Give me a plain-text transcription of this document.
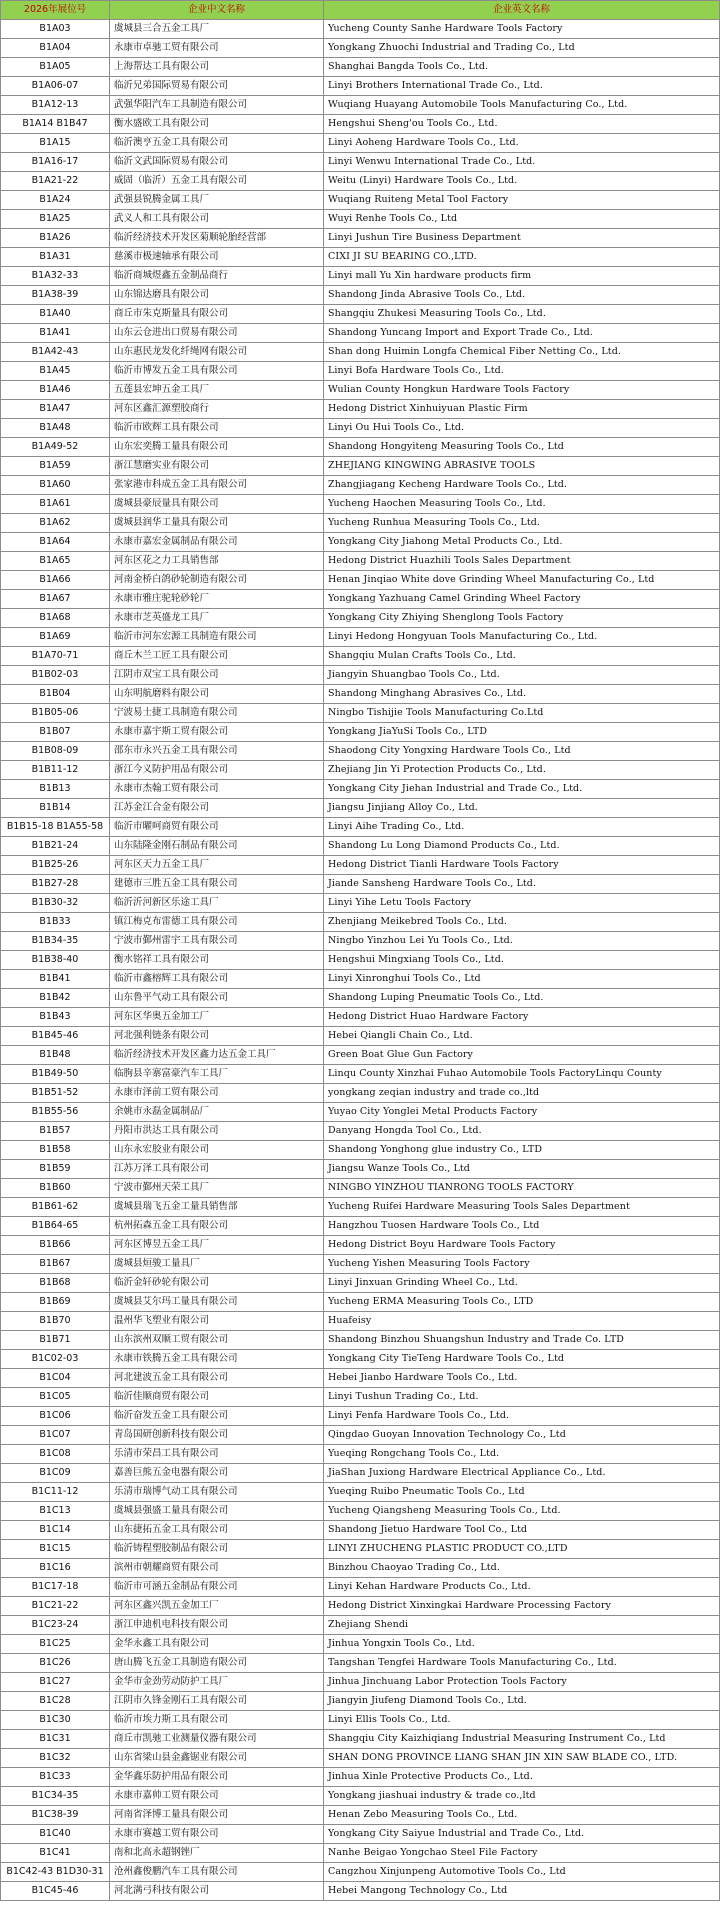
2026年展位号	企业中文名称	企业英文名称
B1A03	虞城县三合五金工具厂	Yucheng County Sanhe Hardware Tools Factory
B1A04	永康市卓驰工贸有限公司	Yongkang Zhuochi Industrial and Trading Co., Ltd
B1A05	上海帮达工具有限公司	Shanghai Bangda Tools Co., Ltd.
B1A06-07	临沂兄弟国际贸易有限公司	Linyi Brothers International Trade Co., Ltd.
B1A12-13	武强华阳汽车工具制造有限公司	Wuqiang Huayang Automobile Tools Manufacturing Co., Ltd.
B1A14 B1B47	衡水盛欧工具有限公司	Hengshui Sheng'ou Tools Co., Ltd.
B1A15	临沂澳亨五金工具有限公司	Linyi Aoheng Hardware Tools Co., Ltd.
B1A16-17	临沂文武国际贸易有限公司	Linyi Wenwu International Trade Co., Ltd.
B1A21-22	威固（临沂）五金工具有限公司	Weitu (Linyi) Hardware Tools Co., Ltd.
B1A24	武强县锐腾金属工具厂	Wuqiang Ruiteng Metal Tool Factory
B1A25	武义人和工具有限公司	Wuyi Renhe Tools Co., Ltd
B1A26	临沂经济技术开发区菊顺轮胎经营部	Linyi Jushun Tire Business Department
B1A31	慈溪市极速轴承有限公司	CIXI JI SU BEARING CO.,LTD.
B1A32-33	临沂商城煜鑫五金制品商行	Linyi mall Yu Xin hardware products firm
B1A38-39	山东锦达磨具有限公司	Shandong Jinda Abrasive Tools Co., Ltd.
B1A40	商丘市朱克斯量具有限公司	Shangqiu Zhukesi Measuring Tools Co., Ltd.
B1A41	山东云仓进出口贸易有限公司	Shandong Yuncang Import and Export Trade Co., Ltd.
B1A42-43	山东惠民龙发化纤绳网有限公司	Shan dong Huimin Longfa Chemical Fiber Netting Co., Ltd.
B1A45	临沂市博发五金工具有限公司	Linyi Bofa Hardware Tools Co., Ltd.
B1A46	五莲县宏坤五金工具厂	Wulian County Hongkun Hardware Tools Factory
B1A47	河东区鑫汇源塑胶商行	Hedong District Xinhuiyuan Plastic Firm
B1A48	临沂市欧辉工具有限公司	Linyi Ou Hui Tools Co., Ltd.
B1A49-52	山东宏奕腾工量具有限公司	Shandong Hongyiteng Measuring Tools Co., Ltd
B1A59	浙江慧磨实业有限公司	ZHEJIANG KINGWING ABRASIVE TOOLS
B1A60	张家港市科成五金工具有限公司	Zhangjiagang Kecheng Hardware Tools Co., Ltd.
B1A61	虞城县豪辰量具有限公司	Yucheng Haochen Measuring Tools Co., Ltd.
B1A62	虞城县润华工量具有限公司	Yucheng Runhua Measuring Tools Co., Ltd.
B1A64	永康市嘉宏金属制品有限公司	Yongkang City Jiahong Metal Products Co., Ltd.
B1A65	河东区花之力工具销售部	Hedong District Huazhili Tools Sales Department
B1A66	河南金桥白鸽砂轮制造有限公司	Henan Jinqiao White dove Grinding Wheel Manufacturing Co., Ltd
B1A67	永康市雅庄驼轮砂轮厂	Yongkang Yazhuang Camel Grinding Wheel Factory
B1A68	永康市芝英盛龙工具厂	Yongkang City Zhiying Shenglong Tools Factory
B1A69	临沂市河东宏源工具制造有限公司	Linyi Hedong Hongyuan Tools Manufacturing Co., Ltd.
B1A70-71	商丘木兰工匠工具有限公司	Shangqiu Mulan Crafts Tools Co., Ltd.
B1B02-03	江阴市双宝工具有限公司	Jiangyin Shuangbao Tools Co., Ltd.
B1B04	山东明航磨料有限公司	Shandong Minghang Abrasives Co., Ltd.
B1B05-06	宁波易士捷工具制造有限公司	Ningbo Tishijie Tools Manufacturing Co.Ltd
B1B07	永康市嘉宇斯工贸有限公司	Yongkang JiaYuSi Tools Co., LTD
B1B08-09	邵东市永兴五金工具有限公司	Shaodong City Yongxing Hardware Tools Co., Ltd
B1B11-12	浙江今义防护用品有限公司	Zhejiang Jin Yi Protection Products Co., Ltd.
B1B13	永康市杰翰工贸有限公司	Yongkang City Jiehan Industrial and Trade Co., Ltd.
B1B14	江苏金江合金有限公司	Jiangsu Jinjiang Alloy Co., Ltd.
B1B15-18 B1A55-58	临沂市曜呵商贸有限公司	Linyi Aihe Trading Co., Ltd.
B1B21-24	山东陆隆金刚石制品有限公司	Shandong Lu Long Diamond Products Co., Ltd.
B1B25-26	河东区天力五金工具厂	Hedong District Tianli Hardware Tools Factory
B1B27-28	建德市三胜五金工具有限公司	Jiande Sansheng Hardware Tools Co., Ltd.
B1B30-32	临沂沂河新区乐途工具厂	Linyi Yihe Letu Tools Factory
B1B33	镇江梅克布雷德工具有限公司	Zhenjiang Meikebred Tools Co., Ltd.
B1B34-35	宁波市鄞州雷宇工具有限公司	Ningbo Yinzhou Lei Yu Tools Co., Ltd.
B1B38-40	衡水铭祥工具有限公司	Hengshui Mingxiang Tools Co., Ltd.
B1B41	临沂市鑫榕辉工具有限公司	Linyi Xinronghui Tools Co., Ltd
B1B42	山东鲁平气动工具有限公司	Shandong Luping Pneumatic Tools Co., Ltd.
B1B43	河东区华奥五金加工厂	Hedong District Huao Hardware Factory
B1B45-46	河北强利链条有限公司	Hebei Qiangli Chain Co., Ltd.
B1B48	临沂经济技术开发区鑫力达五金工具厂	Green Boat Glue Gun Factory
B1B49-50	临朐县辛寨富豪汽车工具厂	Linqu County Xinzhai Fuhao Automobile Tools FactoryLinqu County
B1B51-52	永康市泽前工贸有限公司	yongkang zeqian industry and trade co.,ltd
B1B55-56	余姚市永磊金属制品厂	Yuyao City Yonglei Metal Products Factory
B1B57	丹阳市洪达工具有限公司	Danyang Hongda Tool Co., Ltd.
B1B58	山东永宏胶业有限公司	Shandong Yonghong glue industry Co., LTD
B1B59	江苏万泽工具有限公司	Jiangsu Wanze Tools Co., Ltd
B1B60	宁波市鄞州天荣工具厂	NINGBO YINZHOU TIANRONG TOOLS FACTORY
B1B61-62	虞城县瑞飞五金工量具销售部	Yucheng Ruifei Hardware Measuring Tools Sales Department
B1B64-65	杭州拓森五金工具有限公司	Hangzhou Tuosen Hardware Tools Co., Ltd
B1B66	河东区博昱五金工具厂	Hedong District Boyu Hardware Tools Factory
B1B67	虞城县烜骏工量具厂	Yucheng Yishen Measuring Tools Factory
B1B68	临沂金轩砂轮有限公司	Linyi Jinxuan Grinding Wheel Co., Ltd.
B1B69	虞城县艾尔玛工量具有限公司	Yucheng ERMA Measuring Tools Co., LTD
B1B70	温州华飞塑业有限公司	Huafeisy
B1B71	山东滨州双顺工贸有限公司	Shandong Binzhou Shuangshun Industry and Trade Co. LTD
B1C02-03	永康市铁腾五金工具有限公司	Yongkang City TieTeng Hardware Tools Co., Ltd
B1C04	河北建波五金工具有限公司	Hebei Jianbo Hardware Tools Co., Ltd.
B1C05	临沂佳顺商贸有限公司	Linyi Tushun Trading Co., Ltd.
B1C06	临沂奋发五金工具有限公司	Linyi Fenfa Hardware Tools Co., Ltd.
B1C07	青岛国研创新科技有限公司	Qingdao Guoyan Innovation Technology Co., Ltd
B1C08	乐清市荣昌工具有限公司	Yueqing Rongchang Tools Co., Ltd.
B1C09	嘉善巨熊五金电器有限公司	JiaShan Juxiong Hardware Electrical Appliance Co., Ltd.
B1C11-12	乐清市瑞博气动工具有限公司	Yueqing Ruibo Pneumatic Tools Co., Ltd
B1C13	虞城县强盛工量具有限公司	Yucheng Qiangsheng Measuring Tools Co., Ltd.
B1C14	山东捷拓五金工具有限公司	Shandong Jietuo Hardware Tool Co., Ltd
B1C15	临沂铸程塑胶制品有限公司	LINYI ZHUCHENG PLASTIC PRODUCT CO.,LTD
B1C16	滨州市朝耀商贸有限公司	Binzhou Chaoyao Trading Co., Ltd.
B1C17-18	临沂市可涵五金制品有限公司	Linyi Kehan Hardware Products Co., Ltd.
B1C21-22	河东区鑫兴凯五金加工厂	Hedong District Xinxingkai Hardware Processing Factory
B1C23-24	浙江申迪机电科技有限公司	Zhejiang Shendi
B1C25	金华永鑫工具有限公司	Jinhua Yongxin Tools Co., Ltd.
B1C26	唐山腾飞五金工具制造有限公司	Tangshan Tengfei Hardware Tools Manufacturing Co., Ltd.
B1C27	金华市金劲劳动防护工具厂	Jinhua Jinchuang Labor Protection Tools Factory
B1C28	江阴市久锋金刚石工具有限公司	Jiangyin Jiufeng Diamond Tools Co., Ltd.
B1C30	临沂市埃力斯工具有限公司	Linyi Ellis Tools Co., Ltd.
B1C31	商丘市凯驰工业测量仪器有限公司	Shangqiu City Kaizhiqiang Industrial Measuring Instrument Co., Ltd
B1C32	山东省梁山县金鑫锯业有限公司	SHAN DONG PROVINCE LIANG SHAN JIN XIN SAW BLADE CO., LTD.
B1C33	金华鑫乐防护用品有限公司	Jinhua Xinle Protective Products Co., Ltd.
B1C34-35	永康市嘉帅工贸有限公司	Yongkang jiashuai industry & trade co.,ltd
B1C38-39	河南省泽博工量具有限公司	Henan Zebo Measuring Tools Co., Ltd.
B1C40	永康市赛越工贸有限公司	Yongkang City Saiyue Industrial and Trade Co., Ltd.
B1C41	南和北高永超钢锉厂	Nanhe Beigao Yongchao Steel File Factory
B1C42-43 B1D30-31	沧州鑫俊鹏汽车工具有限公司	Cangzhou Xinjunpeng Automotive Tools Co., Ltd
B1C45-46	河北满弓科技有限公司	Hebei Mangong Technology Co., Ltd
